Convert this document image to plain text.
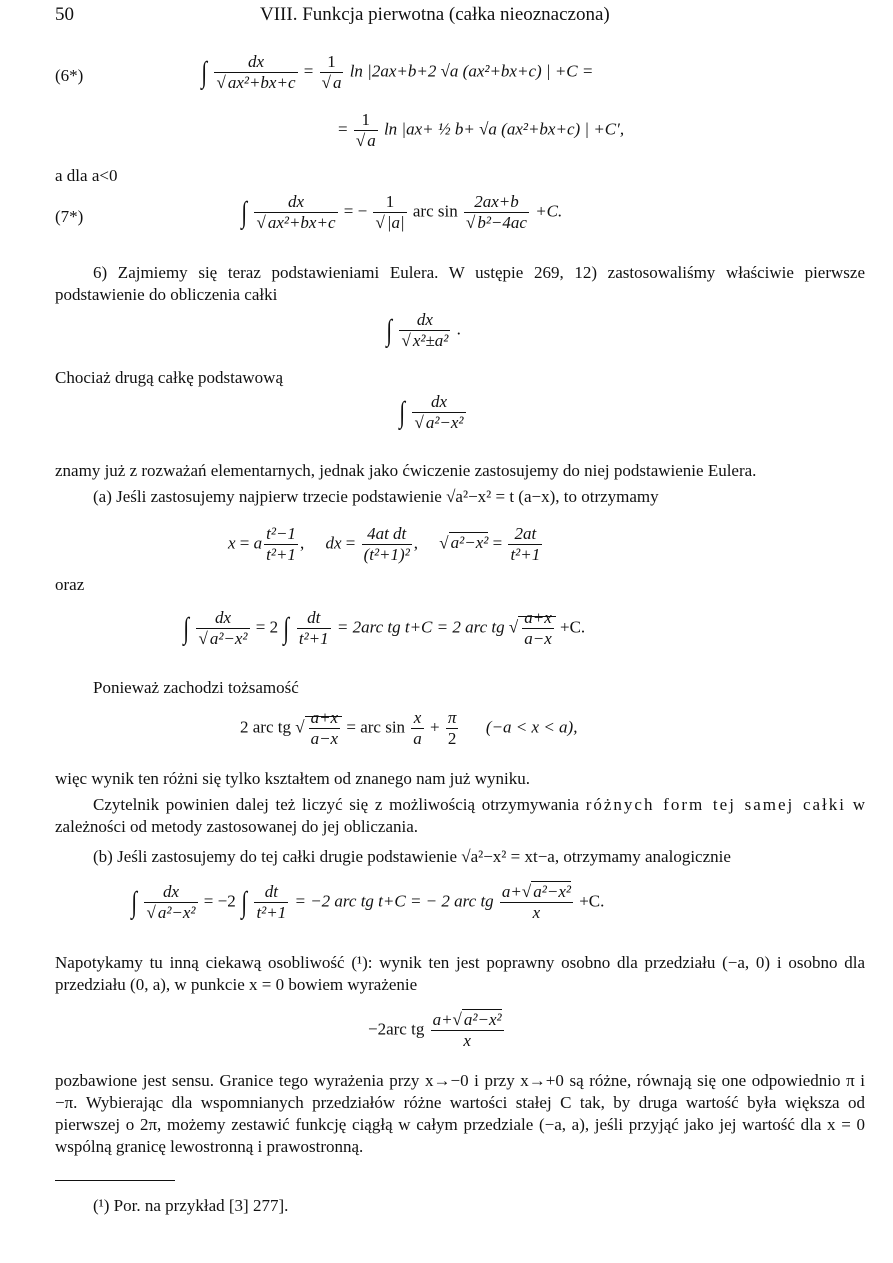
50	VIII. Funkcja pierwotna (całka nieoznaczona)
(6*)	∫ $\frac{dx}{\text{√ ax²+bx+c}} = \frac{1}{√ a}$ ln |2ax+b+2 √a (ax²+bx+c) | +C =
= $\frac{1}{√ a}$ ln |ax+ ½ b+ √a (ax²+bx+c) | +C′,
a dla a<0
(7*)	∫ $\frac{dx}{\text{√ ax²+bx+c}}$ = − $\frac{1}{√ |a|}$ arc $\sin \frac{2ax+b}{\text{√ b²−4ac}} +C$.
6) Zajmiemy się teraz podstawieniami Eulera. W ustępie 269, 12) zastosowaliśmy właściwie pierwsze podstawienie do obliczenia całki
∫ $\frac{dx}{\text{√ x²±a²}}$ .
Chociaż drugą całkę podstawową
∫ $\frac{dx}{\text{√ a²−x²}}$
znamy już z rozważań elementarnych, jednak jako ćwiczenie zastosujemy do niej podstawienie Eulera.
(a) Jeśli zastosujemy najpierw trzecie podstawienie √a²−x² = t (a−x), to otrzymamy
x = a $\frac{\text{t²−1}}{\text{t²+1}}$ ,     dx = $\frac{\text{4at dt}}{\text{(t²+1)²}}$ , √ $a^2-x^2 = \frac{2at}{\text{t²+1}}$
oraz
∫ $\frac{dx}{\text{√ a²−x²}} = 2$ ∫ $\frac{dt}{\text{t²+1}} = 2arc$ tg t+C = 2 arc tg √ $\frac{a+x}{a-x} +C$.
Ponieważ zachodzi tożsamość
2 arc tg √ $\frac{a+x}{a-x}$ = arc $\sin \frac{x}{a} + \frac{\pi}{2} (-a < x < a)$,
więc wynik ten różni się tylko kształtem od znanego nam już wyniku.
Czytelnik powinien dalej też liczyć się z możliwością otrzymywania różnych form tej samej całki w zależności od metody zastosowanej do jej obliczania.
(b) Jeśli zastosujemy do tej całki drugie podstawienie √a²−x² = xt−a, otrzymamy analogicznie
∫ $\frac{dx}{\text{√ a²−x²}} = -2$ ∫ $\frac{dt}{\text{t²+1}} = -2$ arc tg t+C = − 2 arc tg $\frac{\text{a+√ a²−x²}}{x} +C$.
Napotykamy tu inną ciekawą osobliwość (¹): wynik ten jest poprawny osobno dla przedziału (−a, 0) i osobno dla przedziału (0, a), w punkcie x = 0 bowiem wyrażenie
−2arc tg $\frac{\text{a+√ a²−x²}}{x}$
pozbawione jest sensu. Granice tego wyrażenia przy x→−0 i przy x→+0 są różne, równają się one odpowiednio π i −π. Wybierając dla wspomnianych przedziałów różne wartości stałej C tak, by druga wartość była większa od pierwszej o 2π, możemy zestawić funkcję ciągłą w całym przedziale (−a, a), jeśli przyjąć jako jej wartość dla x = 0 wspólną granicę lewostronną i prawostronną.
(¹) Por. na przykład [3] 277].
